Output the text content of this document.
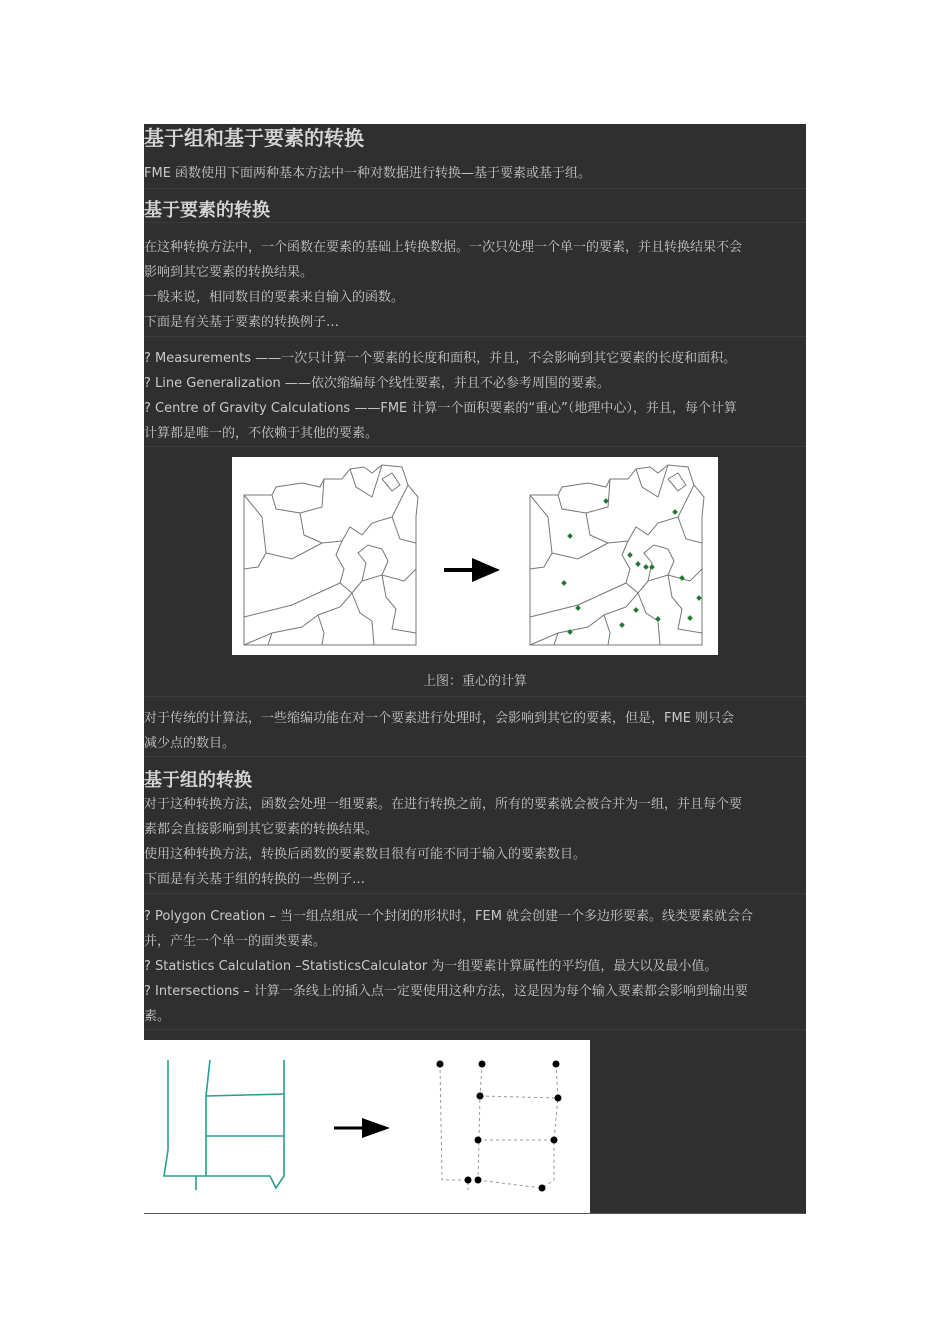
基于组和基于要素的转换
FME 函数使用下面两种基本方法中一种对数据进行转换—基于要素或基于组。
基于要素的转换
在这种转换方法中，一个函数在要素的基础上转换数据。一次只处理一个单一的要素，并且转换结果不会
影响到其它要素的转换结果。
一般来说，相同数目的要素来自输入的函数。
下面是有关基于要素的转换例子…
? Measurements ——一次只计算一个要素的长度和面积，并且，不会影响到其它要素的长度和面积。
? Line Generalization ——依次缩编每个线性要素，并且不必参考周围的要素。
? Centre of Gravity Calculations ——FME 计算一个面积要素的“重心”（地理中心），并且，每个计算
计算都是唯一的，不依赖于其他的要素。
上图：重心的计算
对于传统的计算法，一些缩编功能在对一个要素进行处理时，会影响到其它的要素，但是，FME 则只会
减少点的数目。
基于组的转换
对于这种转换方法，函数会处理一组要素。在进行转换之前，所有的要素就会被合并为一组，并且每个要
素都会直接影响到其它要素的转换结果。
使用这种转换方法，转换后函数的要素数目很有可能不同于输入的要素数目。
下面是有关基于组的转换的一些例子…
? Polygon Creation – 当一组点组成一个封闭的形状时，FEM 就会创建一个多边形要素。线类要素就会合
并，产生一个单一的面类要素。
? Statistics Calculation –StatisticsCalculator 为一组要素计算属性的平均值，最大以及最小值。
? Intersections – 计算一条线上的插入点一定要使用这种方法，这是因为每个输入要素都会影响到输出要
素。
